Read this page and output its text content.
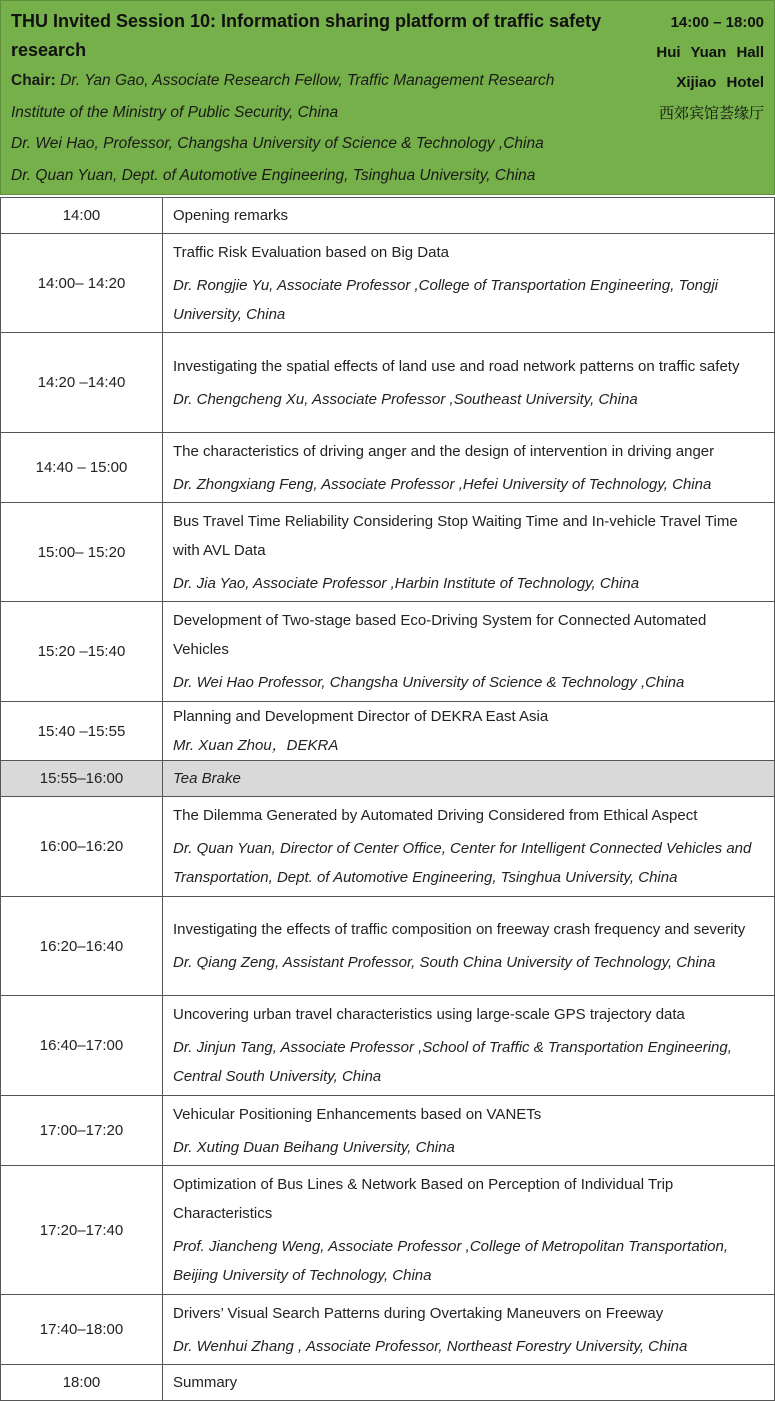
THU Invited Session 10: Information sharing platform of traffic safety research
Chair: Dr. Yan Gao, Associate Research Fellow, Traffic Management Research Institute of the Ministry of Public Security, China
Dr. Wei Hao, Professor, Changsha University of Science & Technology ,China
Dr. Quan Yuan, Dept. of Automotive Engineering, Tsinghua University, China
14:00 – 18:00
Hui Yuan Hall
Xijiao Hotel
西郊宾馆荟缘厅
14:00	Opening remarks

14:00– 14:20	Traffic Risk Evaluation based on Big Data
Dr. Rongjie Yu, Associate Professor ,College of Transportation Engineering, Tongji University, China

14:20 –14:40	Investigating the spatial effects of land use and road network patterns on traffic safety
Dr. Chengcheng Xu, Associate Professor ,Southeast University, China

14:40 – 15:00	The characteristics of driving anger and the design of intervention in driving anger
Dr. Zhongxiang Feng, Associate Professor ,Hefei University of Technology, China

15:00– 15:20	Bus Travel Time Reliability Considering Stop Waiting Time and In-vehicle Travel Time with AVL Data
Dr. Jia Yao, Associate Professor ,Harbin Institute of Technology, China

15:20 –15:40	Development of Two-stage based Eco-Driving System for Connected Automated Vehicles
Dr. Wei Hao Professor, Changsha University of Science & Technology ,China

15:40 –15:55	Planning and Development Director of DEKRA East Asia
Mr. Xuan Zhou，DEKRA

15:55–16:00	Tea Brake

16:00–16:20	The Dilemma Generated by Automated Driving Considered from Ethical Aspect
Dr. Quan Yuan, Director of Center Office, Center for Intelligent Connected Vehicles and Transportation, Dept. of Automotive Engineering, Tsinghua University, China

16:20–16:40	Investigating the effects of traffic composition on freeway crash frequency and severity
Dr. Qiang Zeng, Assistant Professor, South China University of Technology, China

16:40–17:00	Uncovering urban travel characteristics using large-scale GPS trajectory data
Dr. Jinjun Tang, Associate Professor ,School of Traffic & Transportation Engineering, Central South University, China

17:00–17:20	Vehicular Positioning Enhancements based on VANETs
Dr. Xuting Duan Beihang University, China

17:20–17:40	Optimization of Bus Lines & Network Based on Perception of Individual Trip Characteristics
Prof. Jiancheng Weng, Associate Professor ,College of Metropolitan Transportation, Beijing University of Technology, China

17:40–18:00	Drivers’ Visual Search Patterns during Overtaking Maneuvers on Freeway
Dr. Wenhui Zhang , Associate Professor, Northeast Forestry University, China

18:00	Summary
